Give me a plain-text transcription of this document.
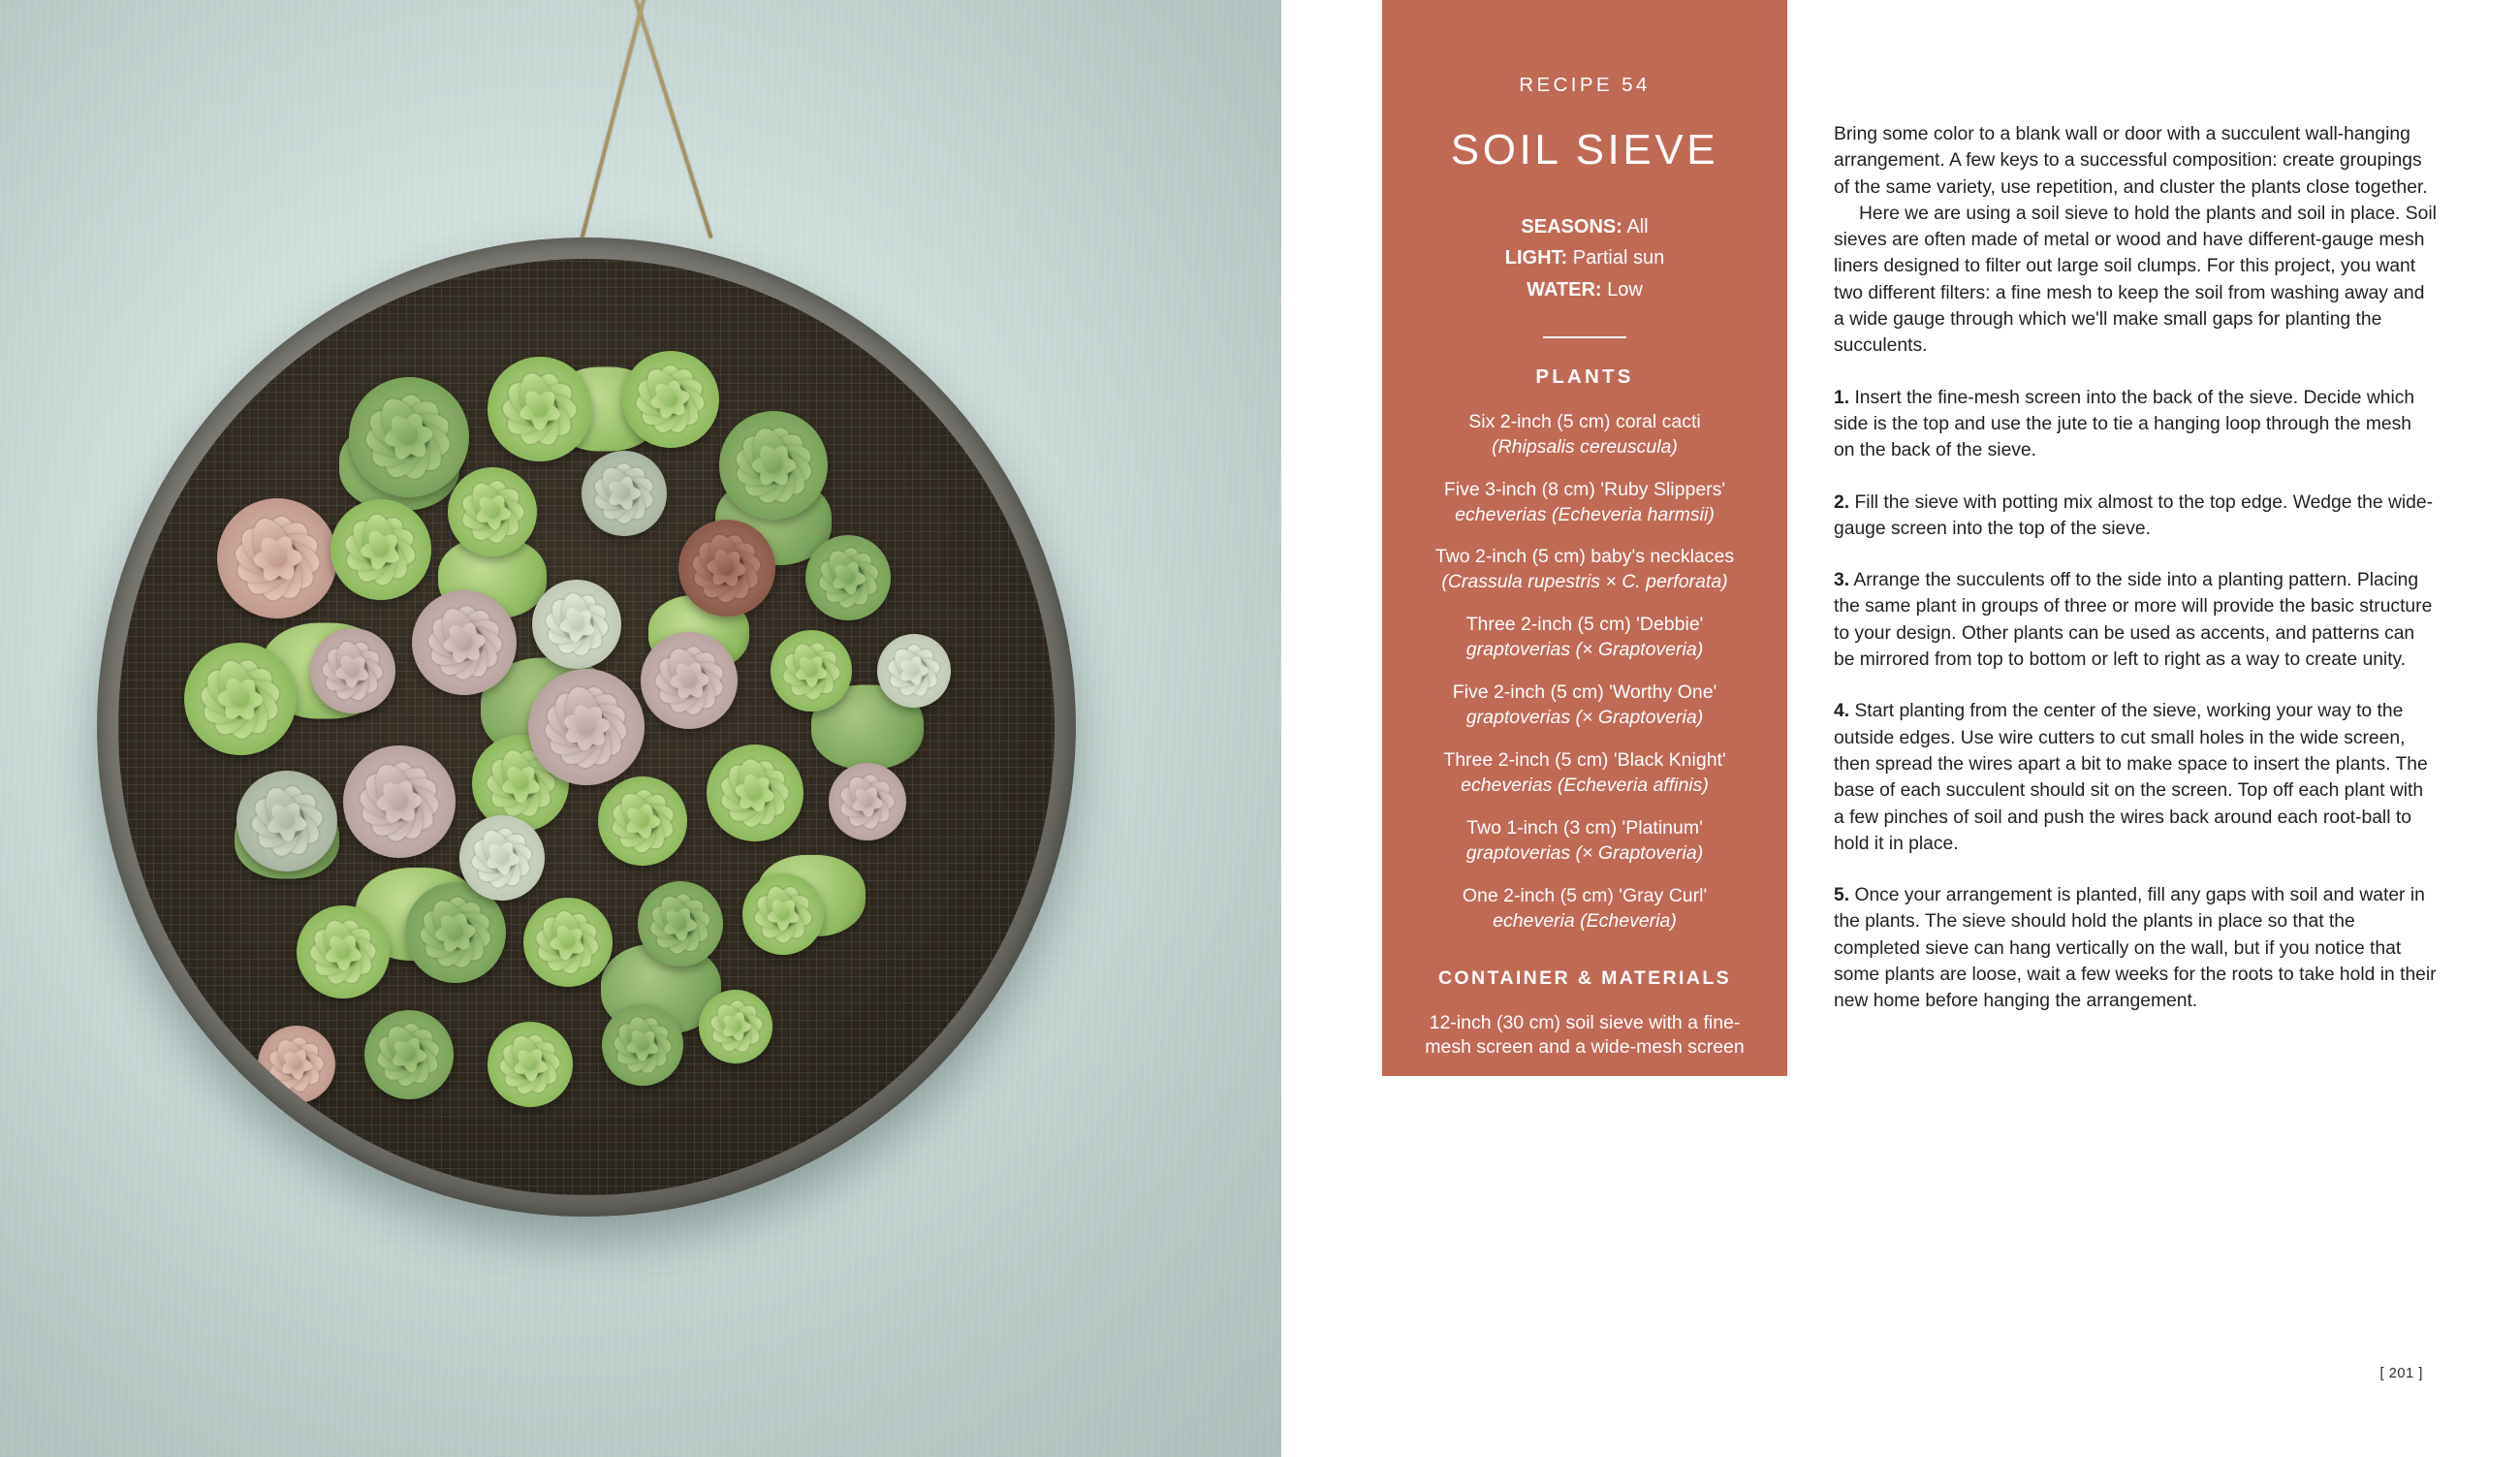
RECIPE 54
SOIL SIEVE
SEASONS: All
LIGHT: Partial sun
WATER: Low
PLANTS
Six 2-inch (5 cm) coral cacti
(Rhipsalis cereuscula)
Five 3-inch (8 cm) 'Ruby Slippers'
echeverias (Echeveria harmsii)
Two 2-inch (5 cm) baby's necklaces
(Crassula rupestris × C. perforata)
Three 2-inch (5 cm) 'Debbie'
graptoverias (× Graptoveria)
Five 2-inch (5 cm) 'Worthy One'
graptoverias (× Graptoveria)
Three 2-inch (5 cm) 'Black Knight'
echeverias (Echeveria affinis)
Two 1-inch (3 cm) 'Platinum'
graptoverias (× Graptoveria)
One 2-inch (5 cm) 'Gray Curl'
echeveria (Echeveria)
CONTAINER & MATERIALS
12-inch (30 cm) soil sieve with a fine-mesh screen and a wide-mesh screen
12-inch (30 cm) piece jute twine
Succulent and cactus potting mix

Bring some color to a blank wall or door with a succulent wall-hanging arrangement. A few keys to a successful composition: create groupings of the same variety, use repetition, and cluster the plants close together.

Here we are using a soil sieve to hold the plants and soil in place. Soil sieves are often made of metal or wood and have different-gauge mesh liners designed to filter out large soil clumps. For this project, you want two different filters: a fine mesh to keep the soil from washing away and a wide gauge through which we'll make small gaps for planting the succulents.

1. Insert the fine-mesh screen into the back of the sieve. Decide which side is the top and use the jute to tie a hanging loop through the mesh on the back of the sieve.

2. Fill the sieve with potting mix almost to the top edge. Wedge the wide-gauge screen into the top of the sieve.

3. Arrange the succulents off to the side into a planting pattern. Placing the same plant in groups of three or more will provide the basic structure to your design. Other plants can be used as accents, and patterns can be mirrored from top to bottom or left to right as a way to create unity.

4. Start planting from the center of the sieve, working your way to the outside edges. Use wire cutters to cut small holes in the wide screen, then spread the wires apart a bit to make space to insert the plants. The base of each succulent should sit on the screen. Top off each plant with a few pinches of soil and push the wires back around each root-ball to hold it in place.

5. Once your arrangement is planted, fill any gaps with soil and water in the plants. The sieve should hold the plants in place so that the completed sieve can hang vertically on the wall, but if you notice that some plants are loose, wait a few weeks for the roots to take hold in their new home before hanging the arrangement.

[ 201 ]
